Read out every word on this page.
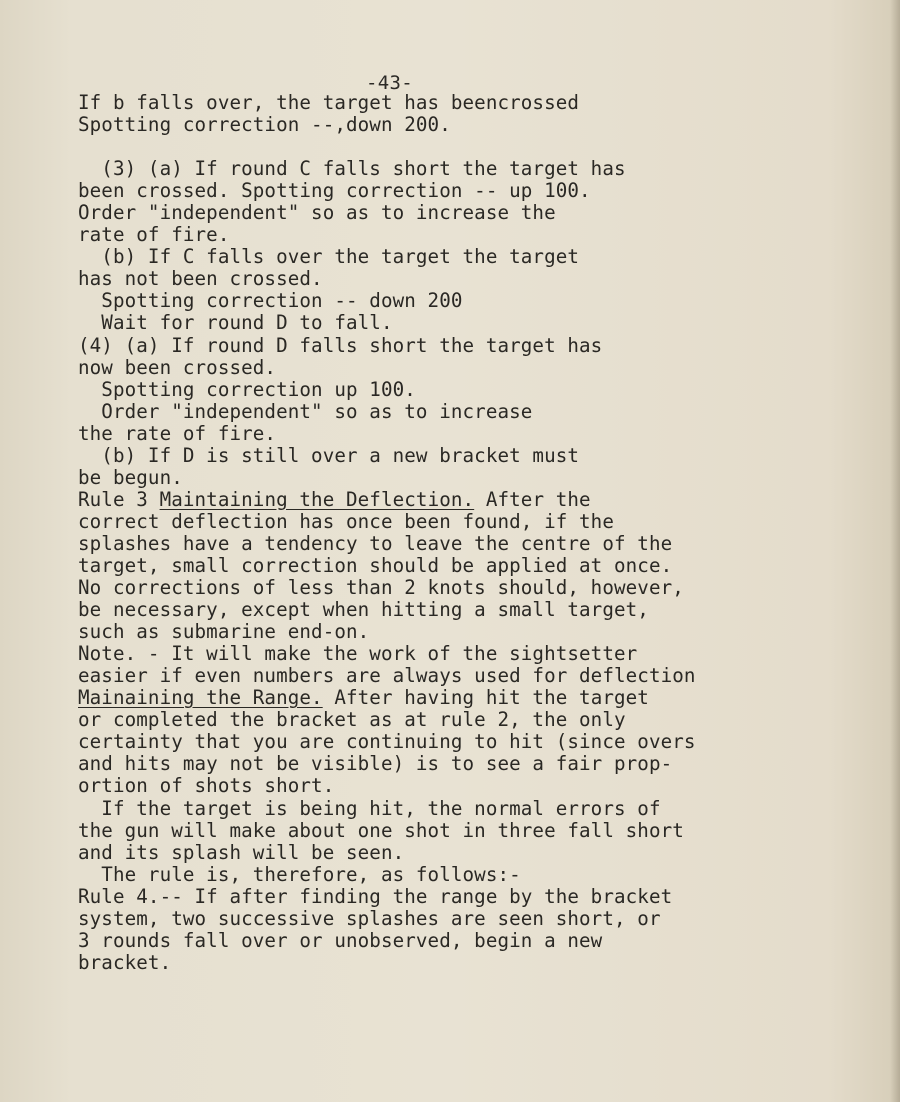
-43-
If b falls over, the target has beencrossed
Spotting correction --,down 200.
(3) (a) If round C falls short the target has
been crossed. Spotting correction -- up 100.
Order "independent" so as to increase the
rate of fire.
(b) If C falls over the target the target
has not been crossed.
Spotting correction -- down 200
Wait for round D to fall.
(4) (a) If round D falls short the target has
now been crossed.
Spotting correction up 100.
Order "independent" so as to increase
the rate of fire.
(b) If D is still over a new bracket must
be begun.
Rule 3 Maintaining the Deflection. After the
correct deflection has once been found, if the
splashes have a tendency to leave the centre of the
target, small correction should be applied at once.
No corrections of less than 2 knots should, however,
be necessary, except when hitting a small target,
such as submarine end-on.
Note. - It will make the work of the sightsetter
easier if even numbers are always used for deflection
Mainaining the Range. After having hit the target
or completed the bracket as at rule 2, the only
certainty that you are continuing to hit (since overs
and hits may not be visible) is to see a fair prop-
ortion of shots short.
If the target is being hit, the normal errors of
the gun will make about one shot in three fall short
and its splash will be seen.
The rule is, therefore, as follows:-
Rule 4.-- If after finding the range by the bracket
system, two successive splashes are seen short, or
3 rounds fall over or unobserved, begin a new
bracket.
